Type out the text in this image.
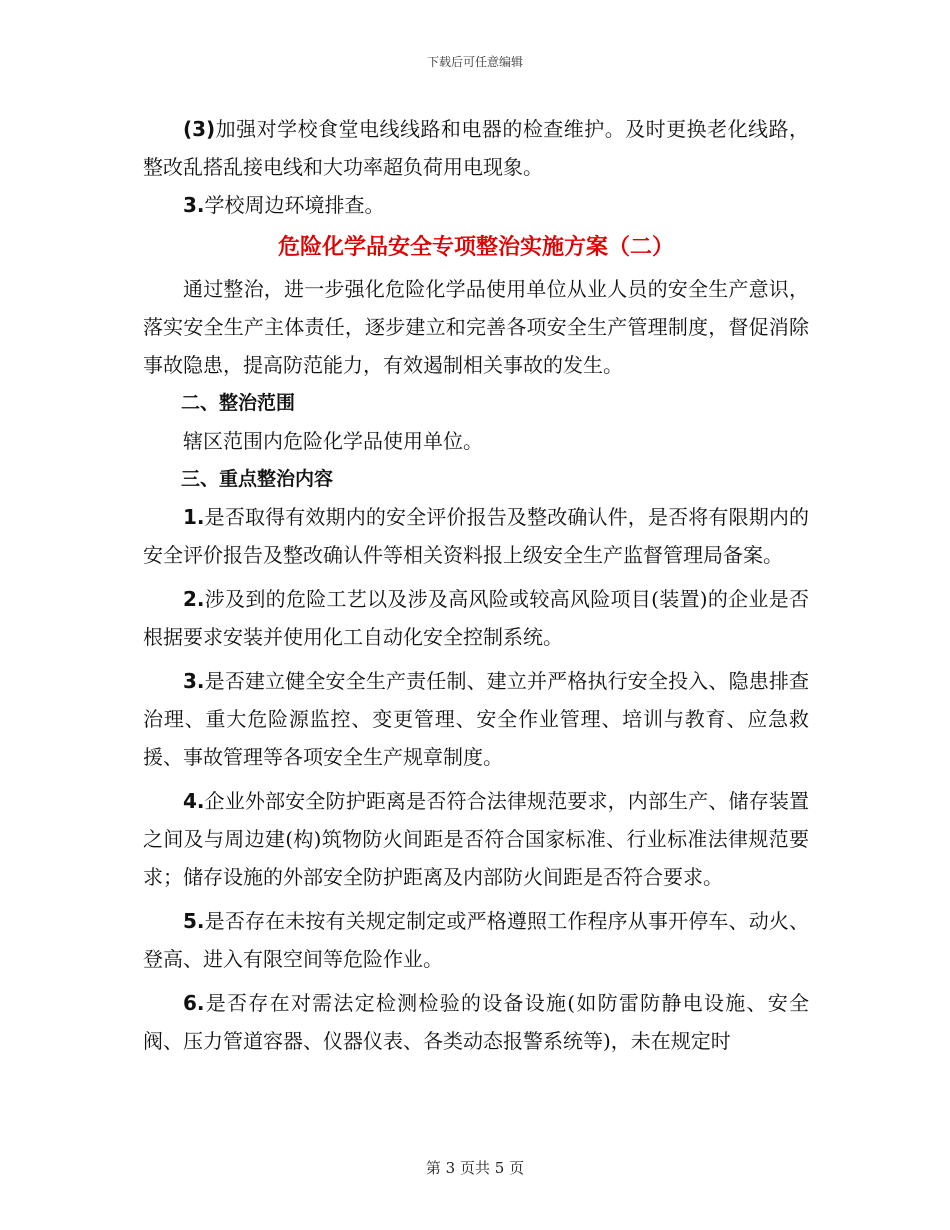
下载后可任意编辑

(3)加强对学校食堂电线线路和电器的检查维护。及时更换老化线路，整改乱搭乱接电线和大功率超负荷用电现象。

3.学校周边环境排查。

危险化学品安全专项整治实施方案（二）

通过整治，进一步强化危险化学品使用单位从业人员的安全生产意识，落实安全生产主体责任，逐步建立和完善各项安全生产管理制度，督促消除事故隐患，提高防范能力，有效遏制相关事故的发生。

二、整治范围

辖区范围内危险化学品使用单位。

三、重点整治内容

1.是否取得有效期内的安全评价报告及整改确认件，是否将有限期内的安全评价报告及整改确认件等相关资料报上级安全生产监督管理局备案。

2.涉及到的危险工艺以及涉及高风险或较高风险项目(装置)的企业是否根据要求安装并使用化工自动化安全控制系统。

3.是否建立健全安全生产责任制、建立并严格执行安全投入、隐患排查治理、重大危险源监控、变更管理、安全作业管理、培训与教育、应急救援、事故管理等各项安全生产规章制度。

4.企业外部安全防护距离是否符合法律规范要求，内部生产、储存装置之间及与周边建(构)筑物防火间距是否符合国家标准、行业标准法律规范要求；储存设施的外部安全防护距离及内部防火间距是否符合要求。

5.是否存在未按有关规定制定或严格遵照工作程序从事开停车、动火、登高、进入有限空间等危险作业。

6.是否存在对需法定检测检验的设备设施(如防雷防静电设施、安全阀、压力管道容器、仪器仪表、各类动态报警系统等)，未在规定时

第 3 页共 5 页
